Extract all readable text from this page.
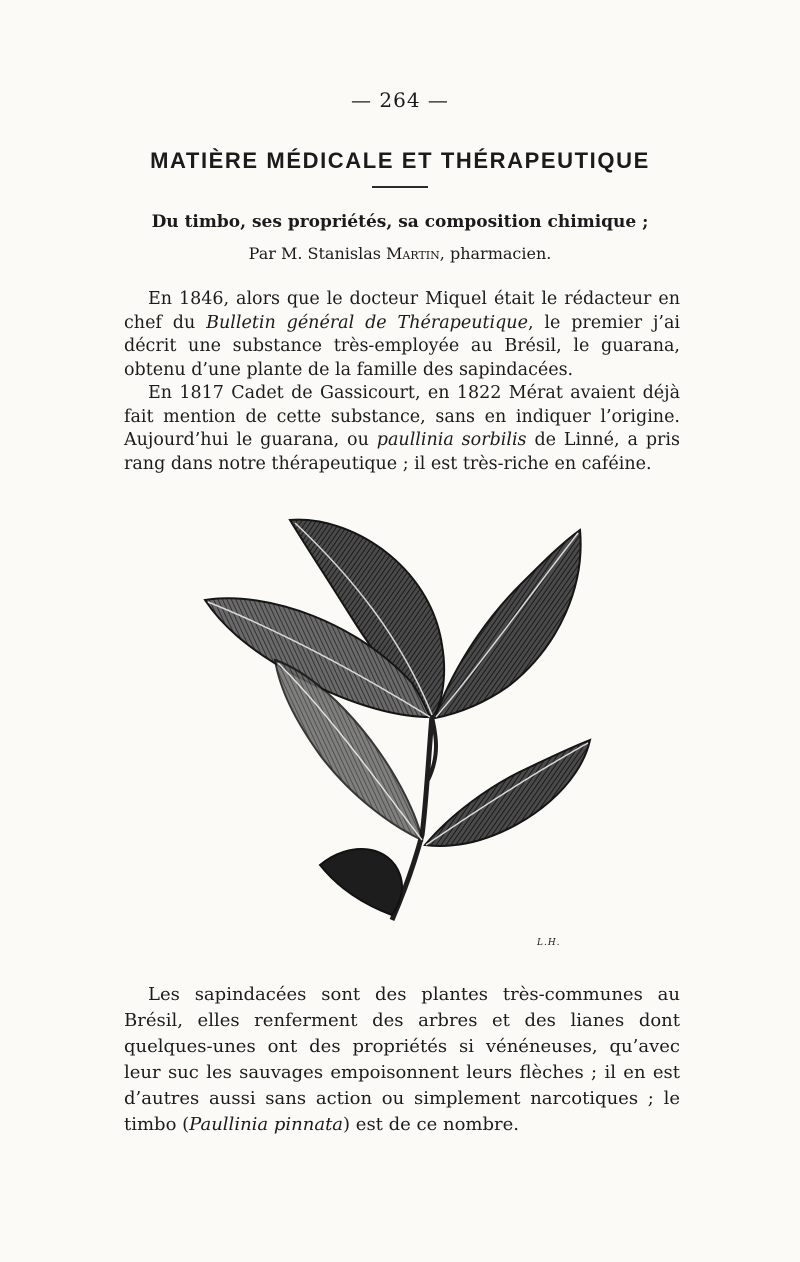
— 264 —
MATIÈRE MÉDICALE ET THÉRAPEUTIQUE
Du timbo, ses propriétés, sa composition chimique ;
Par M. Stanislas Martin, pharmacien.

En 1846, alors que le docteur Miquel était le rédacteur en chef du Bulletin général de Thérapeutique, le premier j’ai décrit une substance très-employée au Brésil, le guarana, obtenu d’une plante de la famille des sapindacées.

En 1817 Cadet de Gassicourt, en 1822 Mérat avaient déjà fait mention de cette substance, sans en indiquer l’origine. Aujourd’hui le guarana, ou paullinia sorbilis de Linné, a pris rang dans notre thérapeutique ; il est très-riche en caféine.

L.H.

Les sapindacées sont des plantes très-communes au Brésil, elles renferment des arbres et des lianes dont quelques-unes ont des propriétés si vénéneuses, qu’avec leur suc les sauvages empoisonnent leurs flèches ; il en est d’autres aussi sans action ou simplement narcotiques ; le timbo (Paullinia pinnata) est de ce nombre.
